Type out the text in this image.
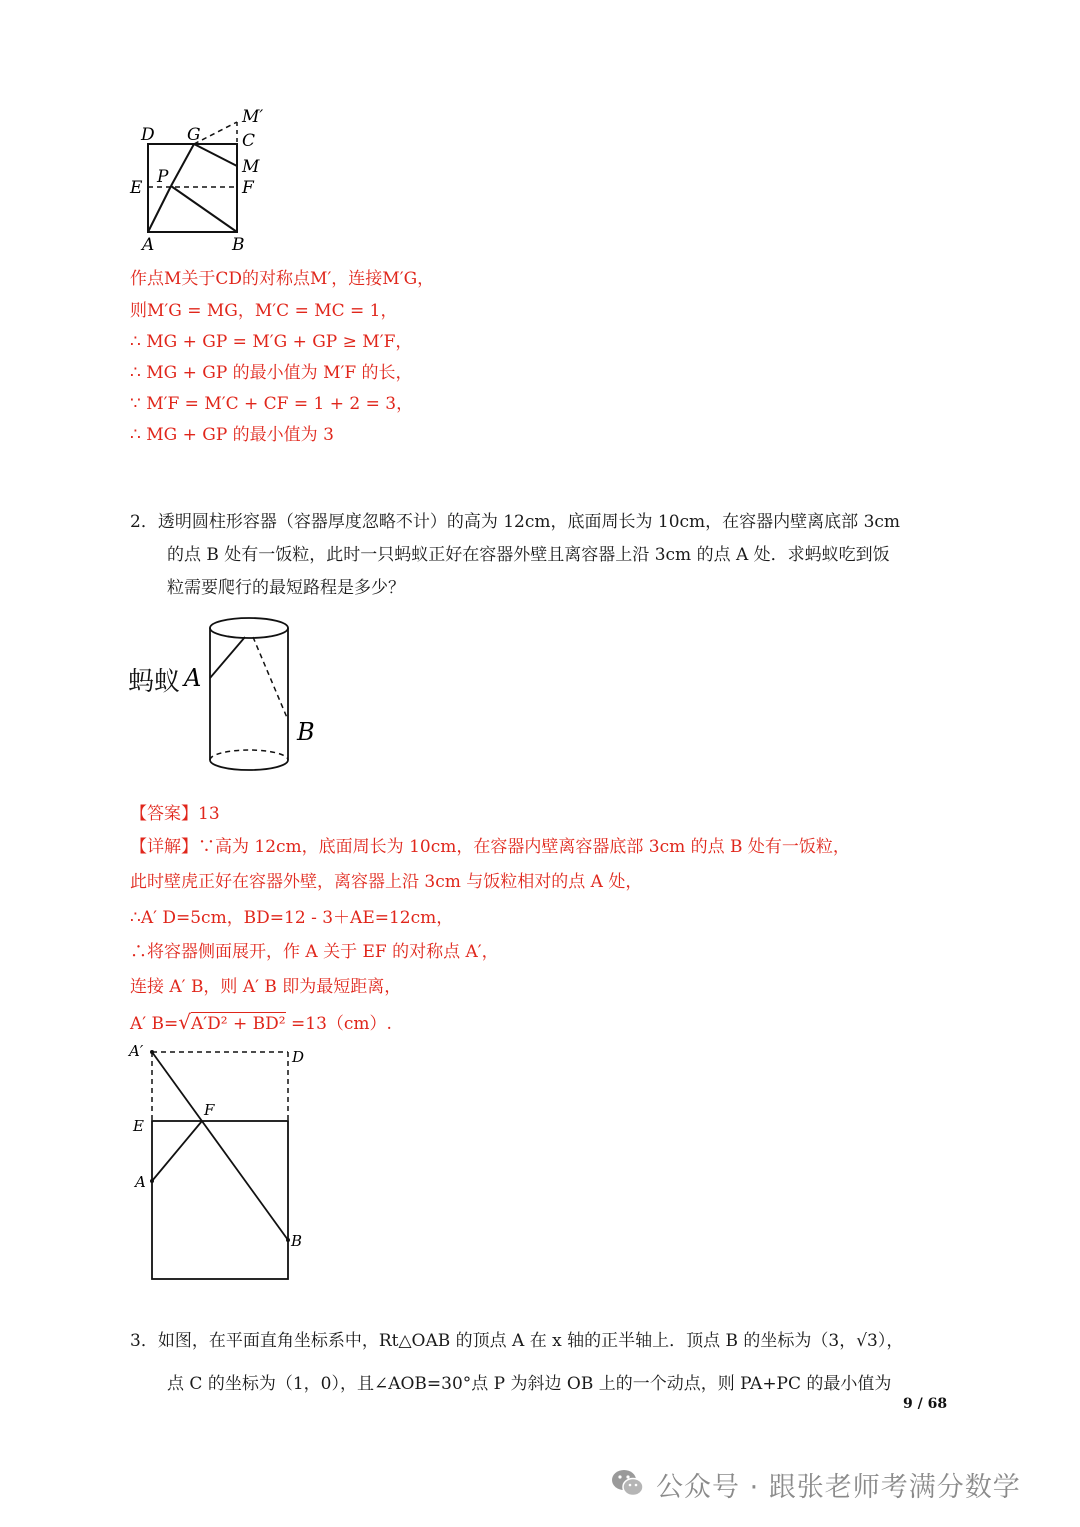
D G
M′
C
M
E
P
F
A	B
作点M关于CD的对称点M′，连接M′G，
则M′G = MG，M′C = MC = 1，
∴ MG + GP = M′G + GP ≥ M′F，
∴ MG + GP 的最小值为 M′F 的长，
∵ M′F = M′C + CF = 1 + 2 = 3，
∴ MG + GP 的最小值为 3
2．透明圆柱形容器（容器厚度忽略不计）的高为 12cm，底面周长为 10cm，在容器内壁离底部 3cm
的点 B 处有一饭粒，此时一只蚂蚁正好在容器外壁且离容器上沿 3cm 的点 A 处．求蚂蚁吃到饭
粒需要爬行的最短路程是多少？
蚂蚁 A
B
【答案】13
【详解】∵高为 12cm，底面周长为 10cm，在容器内壁离容器底部 3cm 的点 B 处有一饭粒，
此时壁虎正好在容器外壁，离容器上沿 3cm 与饭粒相对的点 A 处，
∴A′ D=5cm，BD=12 - 3＋AE=12cm，
∴将容器侧面展开，作 A 关于 EF 的对称点 A′，
连接 A′ B，则 A′ B 即为最短距离，
A′ B=√A′D² + BD² =13（cm）.
A′	D
E
F
A
B
3．如图，在平面直角坐标系中，Rt△OAB 的顶点 A 在 x 轴的正半轴上．顶点 B 的坐标为（3，√3），
点 C 的坐标为（1，0），且∠AOB=30°点 P 为斜边 OB 上的一个动点，则 PA+PC 的最小值为
9 / 68
公众号 · 跟张老师考满分数学
